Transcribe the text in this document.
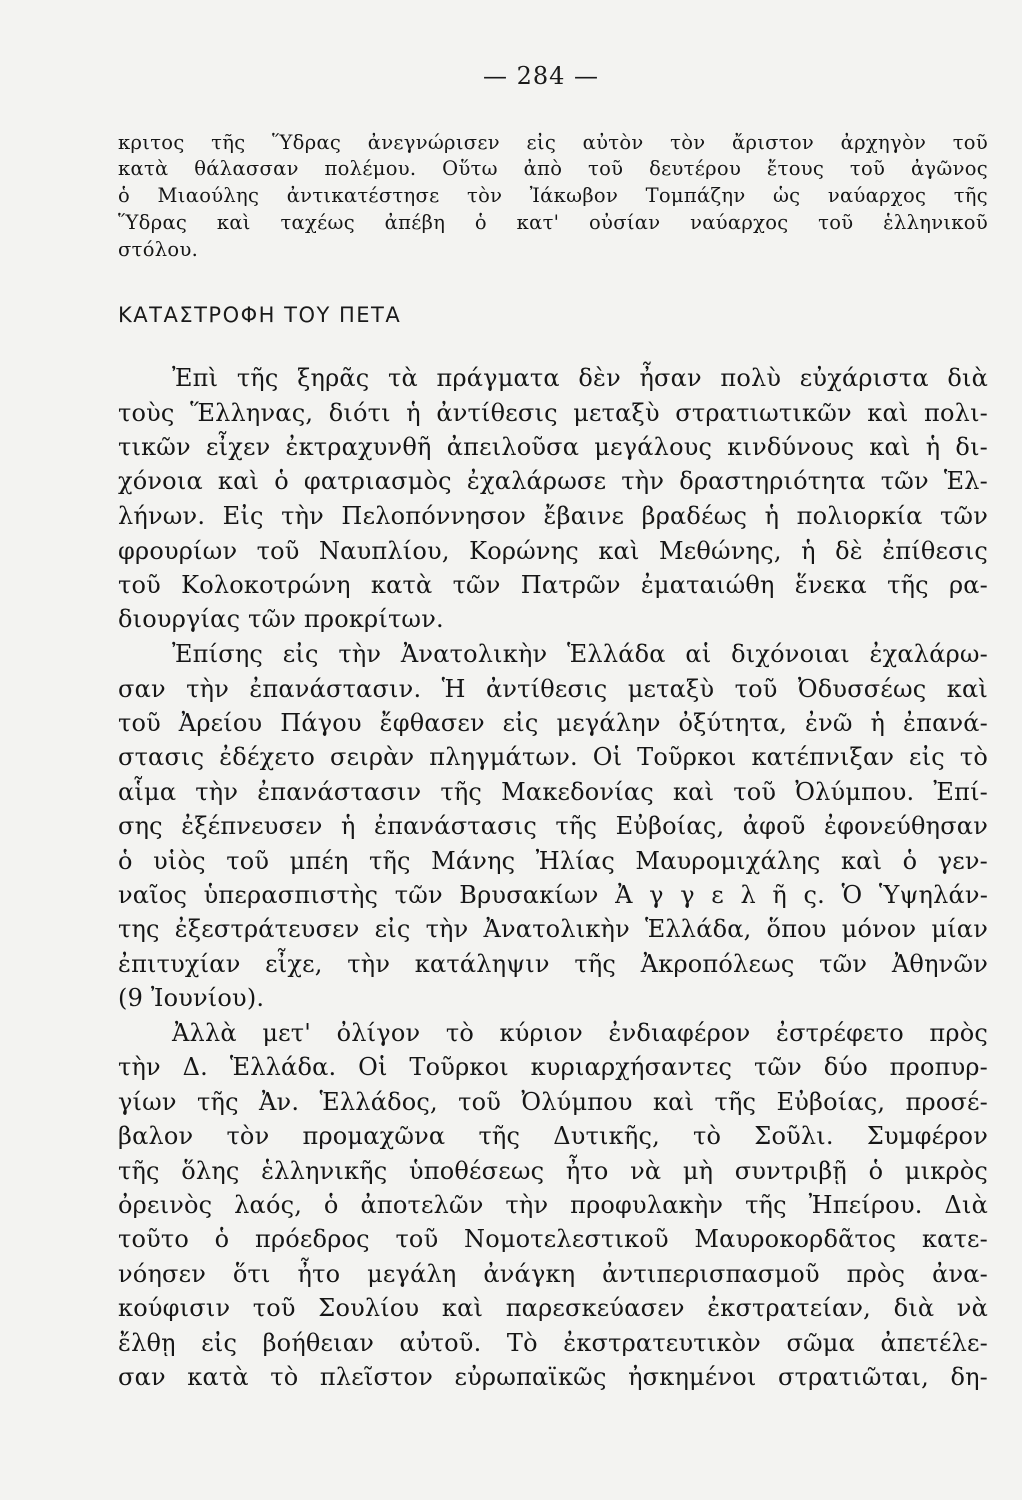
— 284 —
κριτος τῆς Ὕδρας ἀνεγνώρισεν εἰς αὐτὸν τὸν ἄριστον ἀρχηγὸν τοῦ
κατὰ θάλασσαν πολέμου. Οὕτω ἀπὸ τοῦ δευτέρου ἔτους τοῦ ἀγῶνος
ὁ Μιαούλης ἀντικατέστησε τὸν Ἰάκωβον Τομπάζην ὡς ναύαρχος τῆς
Ὕδρας καὶ ταχέως ἀπέβη ὁ κατ' οὐσίαν ναύαρχος τοῦ ἑλληνικοῦ
στόλου.
ΚΑΤΑΣΤΡΟΦΗ ΤΟΥ ΠΕΤΑ
Ἐπὶ τῆς ξηρᾶς τὰ πράγματα δὲν ἦσαν πολὺ εὐχάριστα διὰ
τοὺς Ἕλληνας, διότι ἡ ἀντίθεσις μεταξὺ στρατιωτικῶν καὶ πολι-
τικῶν εἶχεν ἐκτραχυνθῆ ἀπειλοῦσα μεγάλους κινδύνους καὶ ἡ δι-
χόνοια καὶ ὁ φατριασμὸς ἐχαλάρωσε τὴν δραστηριότητα τῶν Ἑλ-
λήνων. Εἰς τὴν Πελοπόννησον ἔβαινε βραδέως ἡ πολιορκία τῶν
φρουρίων τοῦ Ναυπλίου, Κορώνης καὶ Μεθώνης, ἡ δὲ ἐπίθεσις
τοῦ Κολοκοτρώνη κατὰ τῶν Πατρῶν ἐματαιώθη ἕνεκα τῆς ρα-
διουργίας τῶν προκρίτων.
Ἐπίσης εἰς τὴν Ἀνατολικὴν Ἑλλάδα αἱ διχόνοιαι ἐχαλάρω-
σαν τὴν ἐπανάστασιν. Ἡ ἀντίθεσις μεταξὺ τοῦ Ὀδυσσέως καὶ
τοῦ Ἀρείου Πάγου ἔφθασεν εἰς μεγάλην ὀξύτητα, ἐνῶ ἡ ἐπανά-
στασις ἐδέχετο σειρὰν πληγμάτων. Οἱ Τοῦρκοι κατέπνιξαν εἰς τὸ
αἷμα τὴν ἐπανάστασιν τῆς Μακεδονίας καὶ τοῦ Ὀλύμπου. Ἐπί-
σης ἐξέπνευσεν ἡ ἐπανάστασις τῆς Εὐβοίας, ἀφοῦ ἐφονεύθησαν
ὁ υἱὸς τοῦ μπέη τῆς Μάνης Ἠλίας Μαυρομιχάλης καὶ ὁ γεν-
ναῖος ὑπερασπιστὴς τῶν Βρυσακίων Ἀ γ γ ε λ ῆ ς. Ὁ Ὑψηλάν-
της ἐξεστράτευσεν εἰς τὴν Ἀνατολικὴν Ἑλλάδα, ὅπου μόνον μίαν
ἐπιτυχίαν εἶχε, τὴν κατάληψιν τῆς Ἀκροπόλεως τῶν Ἀθηνῶν
(9 Ἰουνίου).
Ἀλλὰ μετ' ὀλίγον τὸ κύριον ἐνδιαφέρον ἐστρέφετο πρὸς
τὴν Δ. Ἑλλάδα. Οἱ Τοῦρκοι κυριαρχήσαντες τῶν δύο προπυρ-
γίων τῆς Ἀν. Ἑλλάδος, τοῦ Ὀλύμπου καὶ τῆς Εὐβοίας, προσέ-
βαλον τὸν προμαχῶνα τῆς Δυτικῆς, τὸ Σοῦλι. Συμφέρον
τῆς ὅλης ἑλληνικῆς ὑποθέσεως ἦτο νὰ μὴ συντριβῇ ὁ μικρὸς
ὀρεινὸς λαός, ὁ ἀποτελῶν τὴν προφυλακὴν τῆς Ἠπείρου. Διὰ
τοῦτο ὁ πρόεδρος τοῦ Νομοτελεστικοῦ Μαυροκορδᾶτος κατε-
νόησεν ὅτι ἦτο μεγάλη ἀνάγκη ἀντιπερισπασμοῦ πρὸς ἀνα-
κούφισιν τοῦ Σουλίου καὶ παρεσκεύασεν ἐκστρατείαν, διὰ νὰ
ἔλθῃ εἰς βοήθειαν αὐτοῦ. Τὸ ἐκστρατευτικὸν σῶμα ἀπετέλε-
σαν κατὰ τὸ πλεῖστον εὐρωπαϊκῶς ἠσκημένοι στρατιῶται, δη-
